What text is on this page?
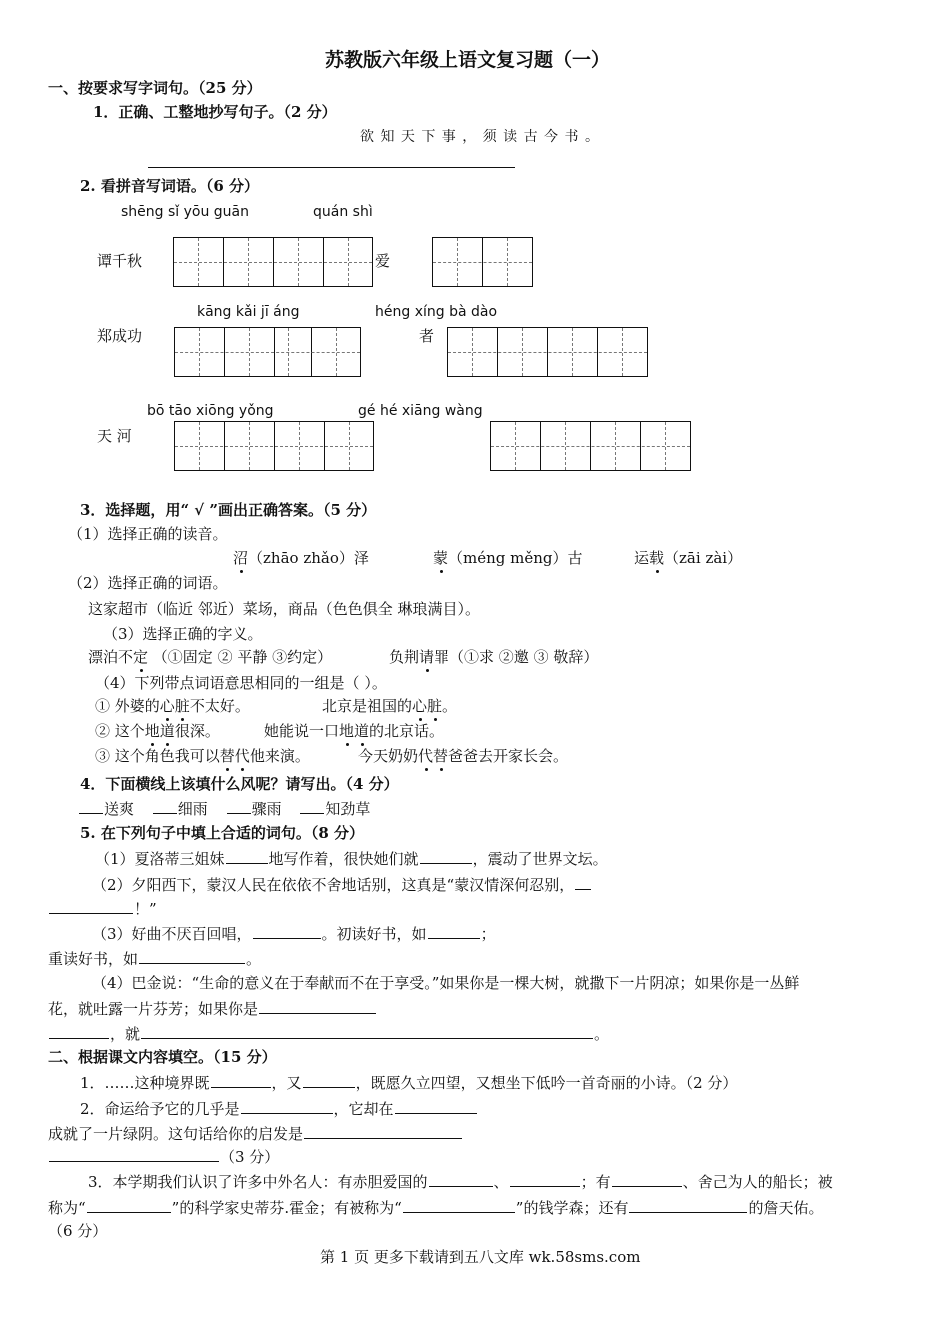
苏教版六年级上语文复习题（一）
一、按要求写字词句。（25 分）
1．正确、工整地抄写句子。（2 分）
欲 知 天 下 事 ， 须 读 古 今 书 。
2. 看拼音写词语。（6 分）
shēng sǐ yōu guān	quán shì
谭千秋	爱
kāng kǎi jī áng	héng xíng bà dào
郑成功	者
bō tāo xiōng yǒng	gé hé xiāng wàng
天 河
3．选择题，用“ √ ”画出正确答案。（5 分）
（1）选择正确的读音。
沼（zhāo zhǎo）泽	蒙（méng měng）古	运载（zāi zài）
（2）选择正确的词语。
这家超市（临近 邻近）菜场，商品（色色俱全 琳琅满目）。
（3）选择正确的字义。
漂泊不定 （①固定 ② 平静 ③约定）	负荆请罪（①求 ②邀 ③ 敬辞）
（4）下列带点词语意思相同的一组是（ ）。
① 外婆的心脏不太好。	北京是祖国的心脏。
② 这个地道很深。	她能说一口地道的北京话。
③ 这个角色我可以替代他来演。	今天奶奶代替爸爸去开家长会。
4．下面横线上该填什么风呢？请写出。（4 分）
送爽	细雨	骤雨	知劲草
5. 在下列句子中填上合适的词句。（8 分）
（1）夏洛蒂三姐妹	地写作着，很快她们就	，震动了世界文坛。
（2）夕阳西下，蒙汉人民在依依不舍地话别，这真是“蒙汉情深何忍别，
！”
（3）好曲不厌百回唱，	。初读好书，如	；
重读好书，如	。
（4）巴金说：“生命的意义在于奉献而不在于享受。”如果你是一棵大树，就撒下一片阴凉；如果你是一丛鲜
花，就吐露一片芬芳；如果你是
，就	。
二、根据课文内容填空。（15 分）
1．……这种境界既	，又	，既愿久立四望，又想坐下低吟一首奇丽的小诗。（2 分）
2．命运给予它的几乎是	，它却在
成就了一片绿阴。这句话给你的启发是
（3 分）
3．本学期我们认识了许多中外名人：有赤胆爱国的	、	；有	、舍己为人的船长；被
称为“	”的科学家史蒂芬.霍金；有被称为“	”的钱学森；还有	的詹天佑。
（6 分）
第 1 页 更多下载请到五八文库 wk.58sms.com
